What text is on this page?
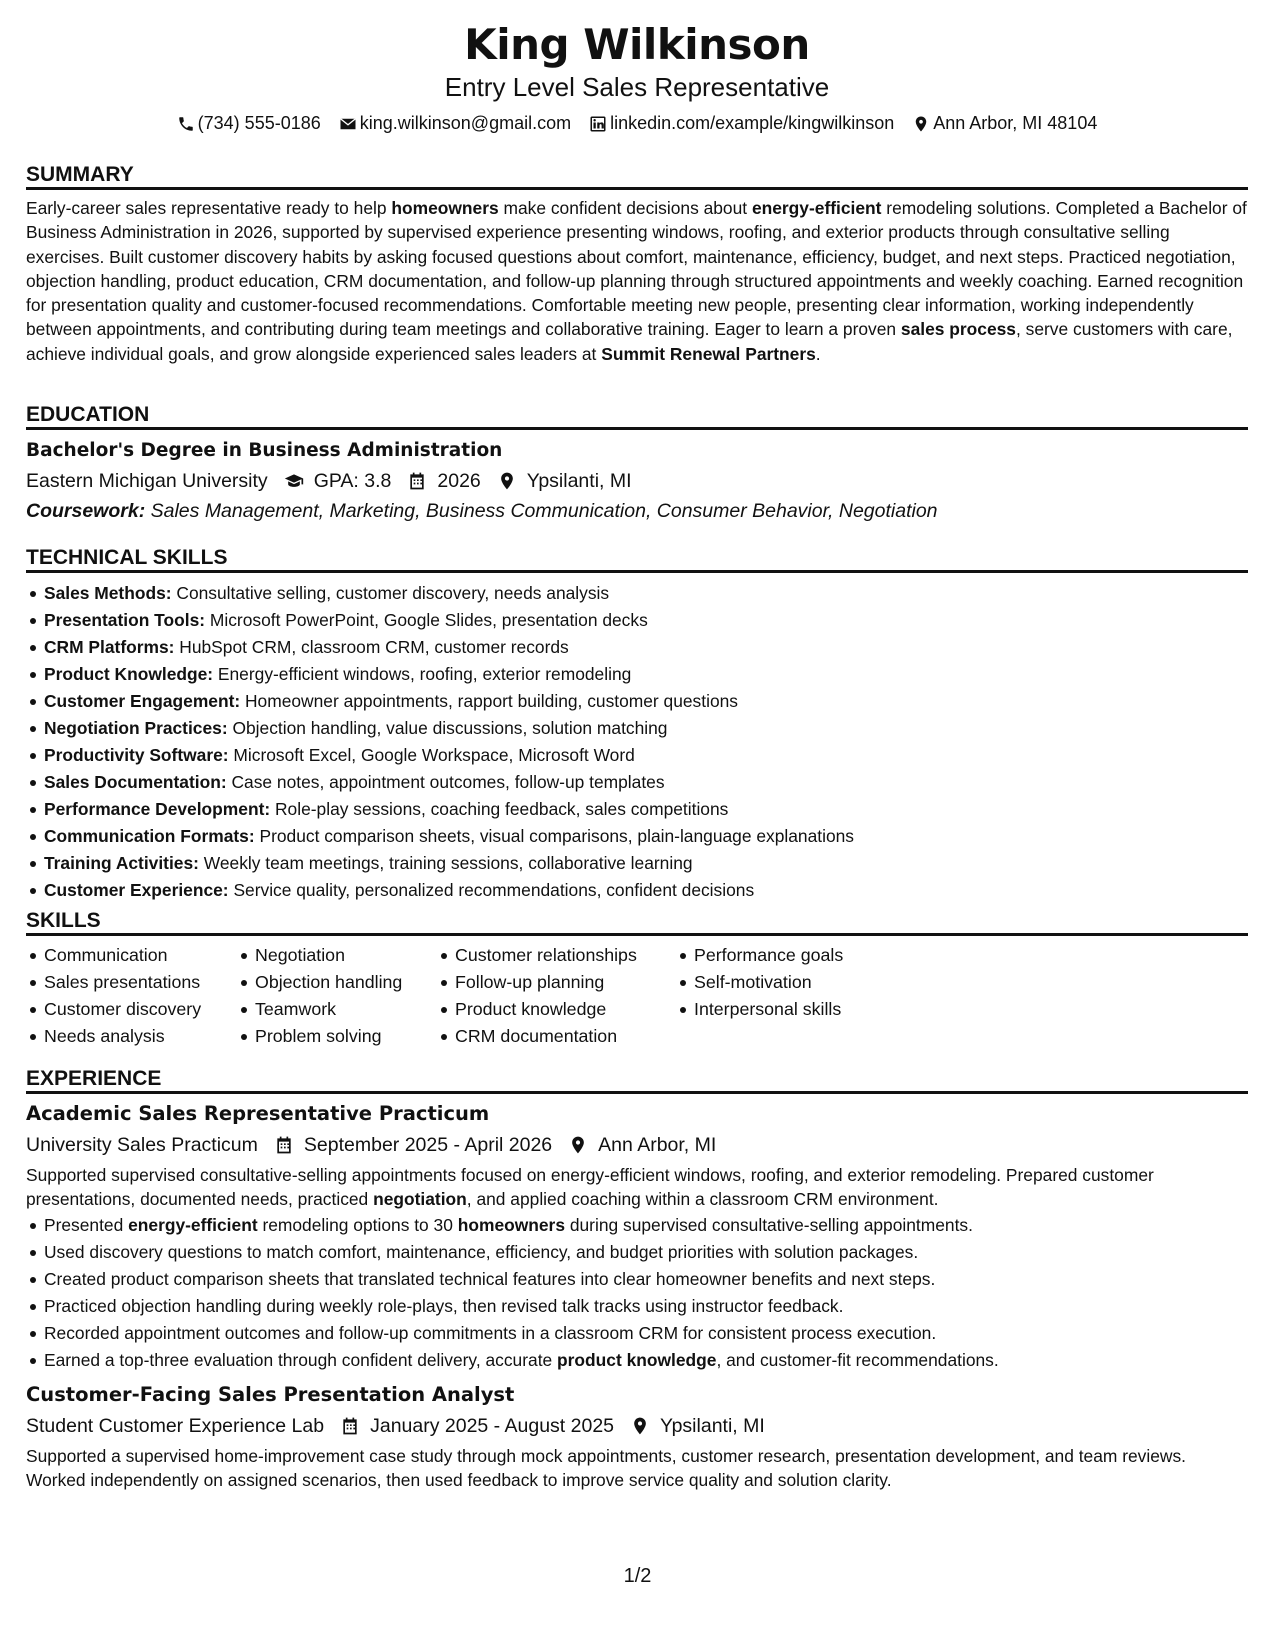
King Wilkinson
Entry Level Sales Representative
(734) 555-0186 king.wilkinson@gmail.com linkedin.com/example/kingwilkinson Ann Arbor, MI 48104
SUMMARY

Early-career sales representative ready to help homeowners make confident decisions about energy-efficient remodeling solutions. Completed a Bachelor of Business Administration in 2026, supported by supervised experience presenting windows, roofing, and exterior products through consultative selling exercises. Built customer discovery habits by asking focused questions about comfort, maintenance, efficiency, budget, and next steps. Practiced negotiation, objection handling, product education, CRM documentation, and follow-up planning through structured appointments and weekly coaching. Earned recognition for presentation quality and customer-focused recommendations. Comfortable meeting new people, presenting clear information, working independently between appointments, and contributing during team meetings and collaborative training. Eager to learn a proven sales process, serve customers with care, achieve individual goals, and grow alongside experienced sales leaders at Summit Renewal Partners.

EDUCATION
Bachelor's Degree in Business Administration
Eastern Michigan University GPA: 3.8 2026 Ypsilanti, MI
Coursework: Sales Management, Marketing, Business Communication, Consumer Behavior, Negotiation
TECHNICAL SKILLS
Sales Methods: Consultative selling, customer discovery, needs analysis
Presentation Tools: Microsoft PowerPoint, Google Slides, presentation decks
CRM Platforms: HubSpot CRM, classroom CRM, customer records
Product Knowledge: Energy-efficient windows, roofing, exterior remodeling
Customer Engagement: Homeowner appointments, rapport building, customer questions
Negotiation Practices: Objection handling, value discussions, solution matching
Productivity Software: Microsoft Excel, Google Workspace, Microsoft Word
Sales Documentation: Case notes, appointment outcomes, follow-up templates
Performance Development: Role-play sessions, coaching feedback, sales competitions
Communication Formats: Product comparison sheets, visual comparisons, plain-language explanations
Training Activities: Weekly team meetings, training sessions, collaborative learning
Customer Experience: Service quality, personalized recommendations, confident decisions
SKILLS
Communication
Sales presentations
Customer discovery
Needs analysis
Negotiation
Objection handling
Teamwork
Problem solving
Customer relationships
Follow-up planning
Product knowledge
CRM documentation
Performance goals
Self-motivation
Interpersonal skills
EXPERIENCE
Academic Sales Representative Practicum
University Sales Practicum September 2025 - April 2026 Ann Arbor, MI

Supported supervised consultative-selling appointments focused on energy-efficient windows, roofing, and exterior remodeling. Prepared customer presentations, documented needs, practiced negotiation, and applied coaching within a classroom CRM environment.

Presented energy-efficient remodeling options to 30 homeowners during supervised consultative-selling appointments.
Used discovery questions to match comfort, maintenance, efficiency, and budget priorities with solution packages.
Created product comparison sheets that translated technical features into clear homeowner benefits and next steps.
Practiced objection handling during weekly role-plays, then revised talk tracks using instructor feedback.
Recorded appointment outcomes and follow-up commitments in a classroom CRM for consistent process execution.
Earned a top-three evaluation through confident delivery, accurate product knowledge, and customer-fit recommendations.
Customer-Facing Sales Presentation Analyst
Student Customer Experience Lab January 2025 - August 2025 Ypsilanti, MI

Supported a supervised home-improvement case study through mock appointments, customer research, presentation development, and team reviews. Worked independently on assigned scenarios, then used feedback to improve service quality and solution clarity.

1/2
